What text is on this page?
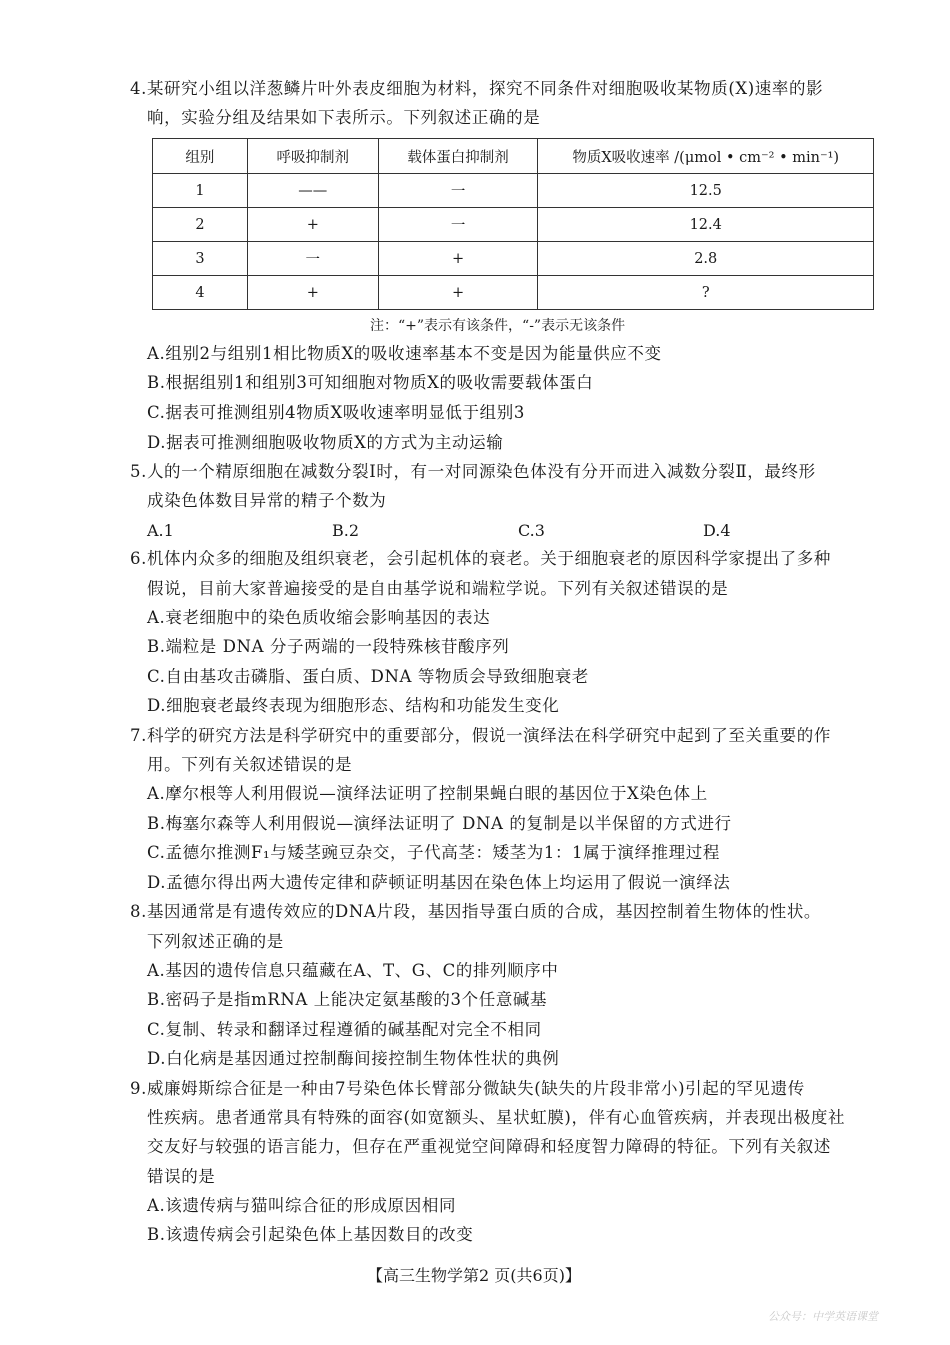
4.某研究小组以洋葱鳞片叶外表皮细胞为材料，探究不同条件对细胞吸收某物质(X)速率的影
响，实验分组及结果如下表所示。下列叙述正确的是
组别	呼吸抑制剂	载体蛋白抑制剂	物质X吸收速率 /(μmol • cm⁻² • min⁻¹)
1	——	一	12.5
2	+	一	12.4
3	一	+	2.8
4	+	+	?
注：“+”表示有该条件，“-”表示无该条件
A.组别2与组别1相比物质X的吸收速率基本不变是因为能量供应不变
B.根据组别1和组别3可知细胞对物质X的吸收需要载体蛋白
C.据表可推测组别4物质X吸收速率明显低于组别3
D.据表可推测细胞吸收物质X的方式为主动运输
5.人的一个精原细胞在减数分裂Ⅰ时，有一对同源染色体没有分开而进入减数分裂Ⅱ，最终形
成染色体数目异常的精子个数为
A.1	B.2	C.3	D.4
6.机体内众多的细胞及组织衰老，会引起机体的衰老。关于细胞衰老的原因科学家提出了多种
假说，目前大家普遍接受的是自由基学说和端粒学说。下列有关叙述错误的是
A.衰老细胞中的染色质收缩会影响基因的表达
B.端粒是 DNA 分子两端的一段特殊核苷酸序列
C.自由基攻击磷脂、蛋白质、DNA 等物质会导致细胞衰老
D.细胞衰老最终表现为细胞形态、结构和功能发生变化
7.科学的研究方法是科学研究中的重要部分，假说一演绎法在科学研究中起到了至关重要的作
用。下列有关叙述错误的是
A.摩尔根等人利用假说—演绎法证明了控制果蝇白眼的基因位于X染色体上
B.梅塞尔森等人利用假说—演绎法证明了 DNA 的复制是以半保留的方式进行
C.孟德尔推测F₁与矮茎豌豆杂交，子代高茎：矮茎为1：1属于演绎推理过程
D.孟德尔得出两大遗传定律和萨顿证明基因在染色体上均运用了假说一演绎法
8.基因通常是有遗传效应的DNA片段，基因指导蛋白质的合成，基因控制着生物体的性状。
下列叙述正确的是
A.基因的遗传信息只蕴藏在A、T、G、C的排列顺序中
B.密码子是指mRNA 上能决定氨基酸的3个任意碱基
C.复制、转录和翻译过程遵循的碱基配对完全不相同
D.白化病是基因通过控制酶间接控制生物体性状的典例
9.威廉姆斯综合征是一种由7号染色体长臂部分微缺失(缺失的片段非常小)引起的罕见遗传
性疾病。患者通常具有特殊的面容(如宽额头、星状虹膜)，伴有心血管疾病，并表现出极度社
交友好与较强的语言能力，但存在严重视觉空间障碍和轻度智力障碍的特征。下列有关叙述
错误的是
A.该遗传病与猫叫综合征的形成原因相同
B.该遗传病会引起染色体上基因数目的改变
【高三生物学第2 页(共6页)】
公众号：中学英语课堂
